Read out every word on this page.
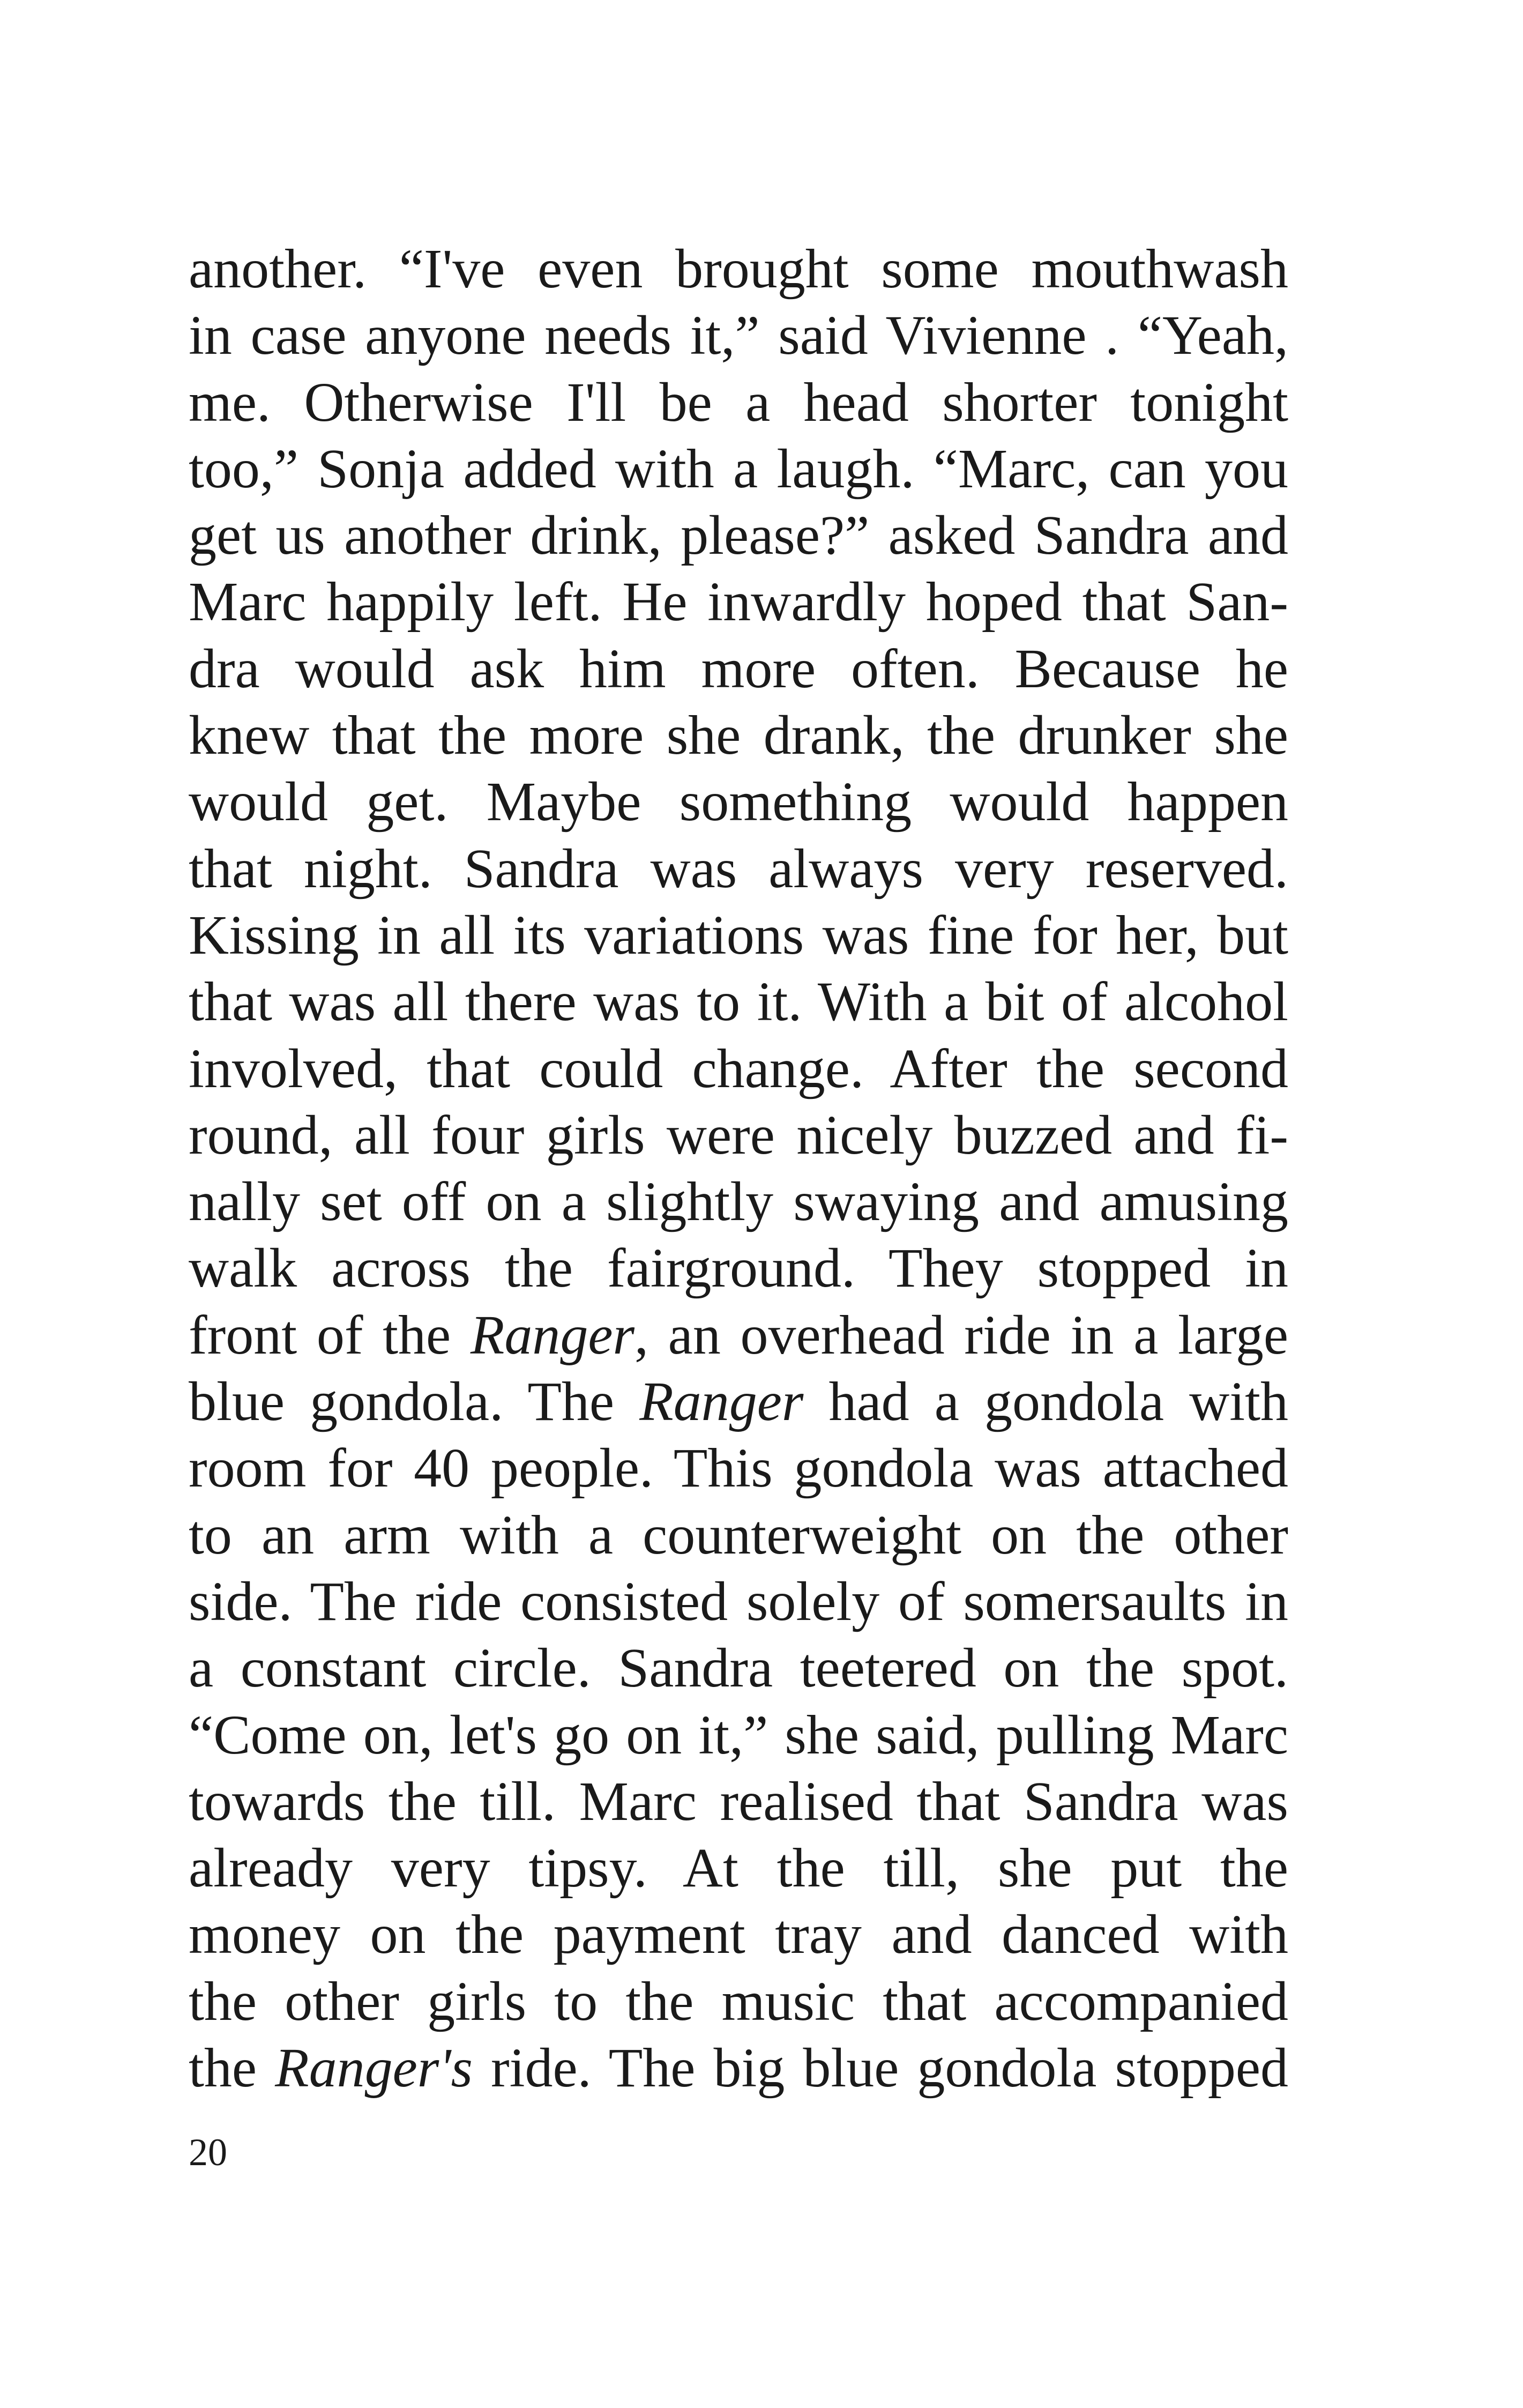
another. “I've even brought some mouthwash
in case anyone needs it,” said Vivienne . “Yeah,
me. Otherwise I'll be a head shorter tonight
too,” Sonja added with a laugh. “Marc, can you
get us another drink, please?” asked Sandra and
Marc happily left. He inwardly hoped that San-
dra would ask him more often. Because he
knew that the more she drank, the drunker she
would get. Maybe something would happen
that night. Sandra was always very reserved.
Kissing in all its variations was fine for her, but
that was all there was to it. With a bit of alcohol
involved, that could change. After the second
round, all four girls were nicely buzzed and fi-
nally set off on a slightly swaying and amusing
walk across the fairground. They stopped in
front of the Ranger, an overhead ride in a large
blue gondola. The Ranger had a gondola with
room for 40 people. This gondola was attached
to an arm with a counterweight on the other
side. The ride consisted solely of somersaults in
a constant circle. Sandra teetered on the spot.
“Come on, let's go on it,” she said, pulling Marc
towards the till. Marc realised that Sandra was
already very tipsy. At the till, she put the
money on the payment tray and danced with
the other girls to the music that accompanied
the Ranger's ride. The big blue gondola stopped
20
